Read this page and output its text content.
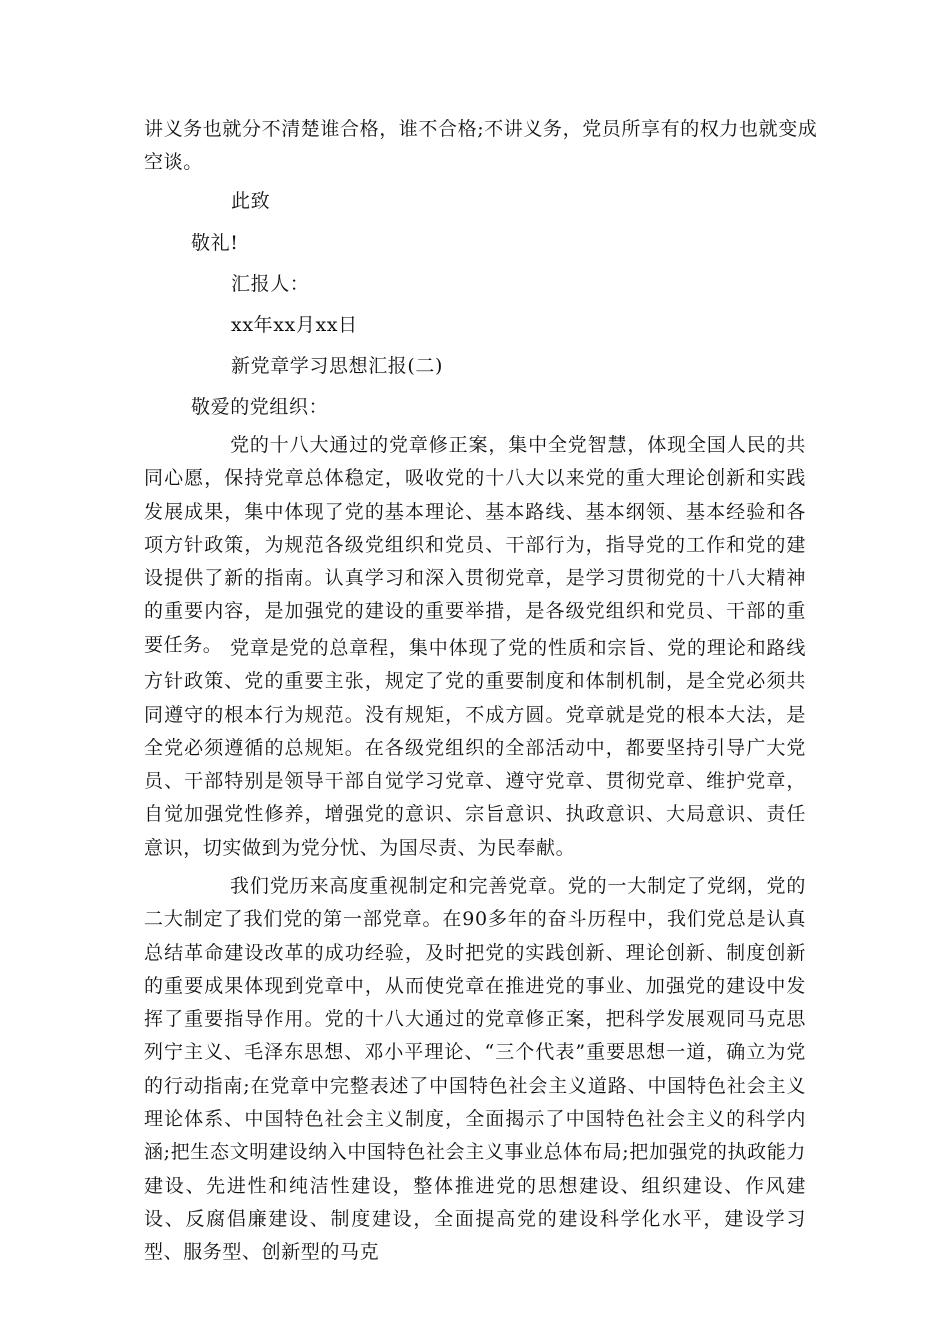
讲义务也就分不清楚谁合格，谁不合格;不讲义务，党员所享有的权力也就变成
空谈。
此致
敬礼!
汇报人：
xx年xx月xx日
新党章学习思想汇报(二)
敬爱的党组织：

党的十八大通过的党章修正案，集中全党智慧，体现全国人民的共同心愿，保持党章总体稳定，吸收党的十八大以来党的重大理论创新和实践发展成果，集中体现了党的基本理论、基本路线、基本纲领、基本经验和各项方针政策，为规范各级党组织和党员、干部行为，指导党的工作和党的建设提供了新的指南。认真学习和深入贯彻党章，是学习贯彻党的十八大精神的重要内容，是加强党的建设的重要举措，是各级党组织和党员、干部的重要任务。 党章是党的总章程，集中体现了党的性质和宗旨、党的理论和路线方针政策、党的重要主张，规定了党的重要制度和体制机制，是全党必须共同遵守的根本行为规范。没有规矩，不成方圆。党章就是党的根本大法，是全党必须遵循的总规矩。在各级党组织的全部活动中，都要坚持引导广大党员、干部特别是领导干部自觉学习党章、遵守党章、贯彻党章、维护党章，自觉加强党性修养，增强党的意识、宗旨意识、执政意识、大局意识、责任意识，切实做到为党分忧、为国尽责、为民奉献。

我们党历来高度重视制定和完善党章。党的一大制定了党纲，党的二大制定了我们党的第一部党章。在90多年的奋斗历程中，我们党总是认真总结革命建设改革的成功经验，及时把党的实践创新、理论创新、制度创新的重要成果体现到党章中，从而使党章在推进党的事业、加强党的建设中发挥了重要指导作用。党的十八大通过的党章修正案，把科学发展观同马克思列宁主义、毛泽东思想、邓小平理论、“三个代表”重要思想一道，确立为党的行动指南;在党章中完整表述了中国特色社会主义道路、中国特色社会主义理论体系、中国特色社会主义制度，全面揭示了中国特色社会主义的科学内涵;把生态文明建设纳入中国特色社会主义事业总体布局;把加强党的执政能力建设、先进性和纯洁性建设，整体推进党的思想建设、组织建设、作风建设、反腐倡廉建设、制度建设，全面提高党的建设科学化水平，建设学习型、服务型、创新型的马克
